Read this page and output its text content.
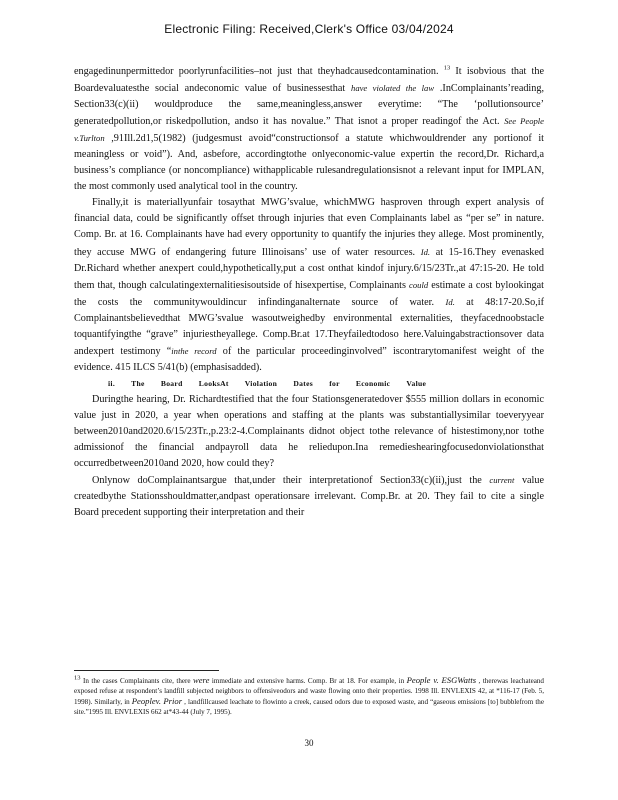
Electronic Filing: Received,Clerk's Office 03/04/2024

engagedinunpermittedor poorlyrunfacilities–not just that theyhadcausedcontamination. $^{13}$ It isobvious that the Boardevaluatesthe social andeconomic value of businessesthat have violated the law .InComplainants’reading, Section33(c)(ii) wouldproduce the same,meaningless,answer everytime: “The ‘pollutionsource’ generatedpollution,or riskedpollution, andso it has novalue.” That isnot a proper readingof the Act. See People v.Turlton ,91Ill.2d1,5(1982) (judgesmust avoid“constructionsof a statute whichwouldrender any portionof it meaningless or void”). And, asbefore, accordingtothe onlyeconomic-value expertin the record,Dr. Richard,a business’s compliance (or noncompliance) withapplicable rulesandregulationsisnot a relevant input for IMPLAN, the most commonly used analytical tool in the country.

Finally,it is materiallyunfair tosaythat MWG’svalue, whichMWG hasproven through expert analysis of financial data, could be significantly offset through injuries that even Complainants label as “per se” in nature. Comp. Br. at 16. Complainants have had every opportunity to quantify the injuries they allege. Most prominently, they accuse MWG of endangering future Illinoisans’ use of water resources. Id. at 15-16.They evenasked Dr.Richard whether anexpert could,hypothetically,put a cost onthat kindof injury.6/15/23Tr.,at 47:15-20. He told them that, though calculatingexternalitiesisoutside of hisexpertise, Complainants could estimate a cost bylookingat the costs the communitywouldincur infindinganalternate source of water. Id. at 48:17-20.So,if Complainantsbelievedthat MWG’svalue wasoutweighedby environmental externalities, theyfacednoobstacle toquantifyingthe “grave” injuriestheyallege. Comp.Br.at 17.Theyfailedtodoso here.Valuingabstractionsover data andexpert testimony “inthe record of the particular proceedinginvolved” iscontrarytomanifest weight of the evidence. 415 ILCS 5/41(b) (emphasisadded).

ii. The Board LooksAt Violation Dates for Economic Value

Duringthe hearing, Dr. Richardtestified that the four Stationsgeneratedover $555 million dollars in economic value just in 2020, a year when operations and staffing at the plants was substantiallysimilar toeveryyear between2010and2020.6/15/23Tr.,p.23:2-4.Complainants didnot object tothe relevance of histestimony,nor tothe admissionof the financial andpayroll data he reliedupon.Ina remedieshearingfocusedonviolationsthat occurredbetween2010and 2020, how could they?

Onlynow doComplainantsargue that,under their interpretationof Section33(c)(ii),just the current value createdbythe Stationsshouldmatter,andpast operationsare irrelevant. Comp.Br. at 20. They fail to cite a single Board precedent supporting their interpretation and their

13 In the cases Complainants cite, there were immediate and extensive harms. Comp. Br at 18. For example, in People v. ESGWatts , therewas leachateand exposed refuse at respondent’s landfill subjected neighbors to offensiveodors and waste flowing onto their properties. 1998 Ill. ENVLEXIS 42, at *116-17 (Feb. 5, 1998). Similarly, in Peoplev. Prior , landfillcaused leachate to flowinto a creek, caused odors due to exposed waste, and “gaseous emissions [to] bubblefrom the site.”1995 Ill. ENVLEXIS 662 at*43-44 (July 7, 1995).
30
